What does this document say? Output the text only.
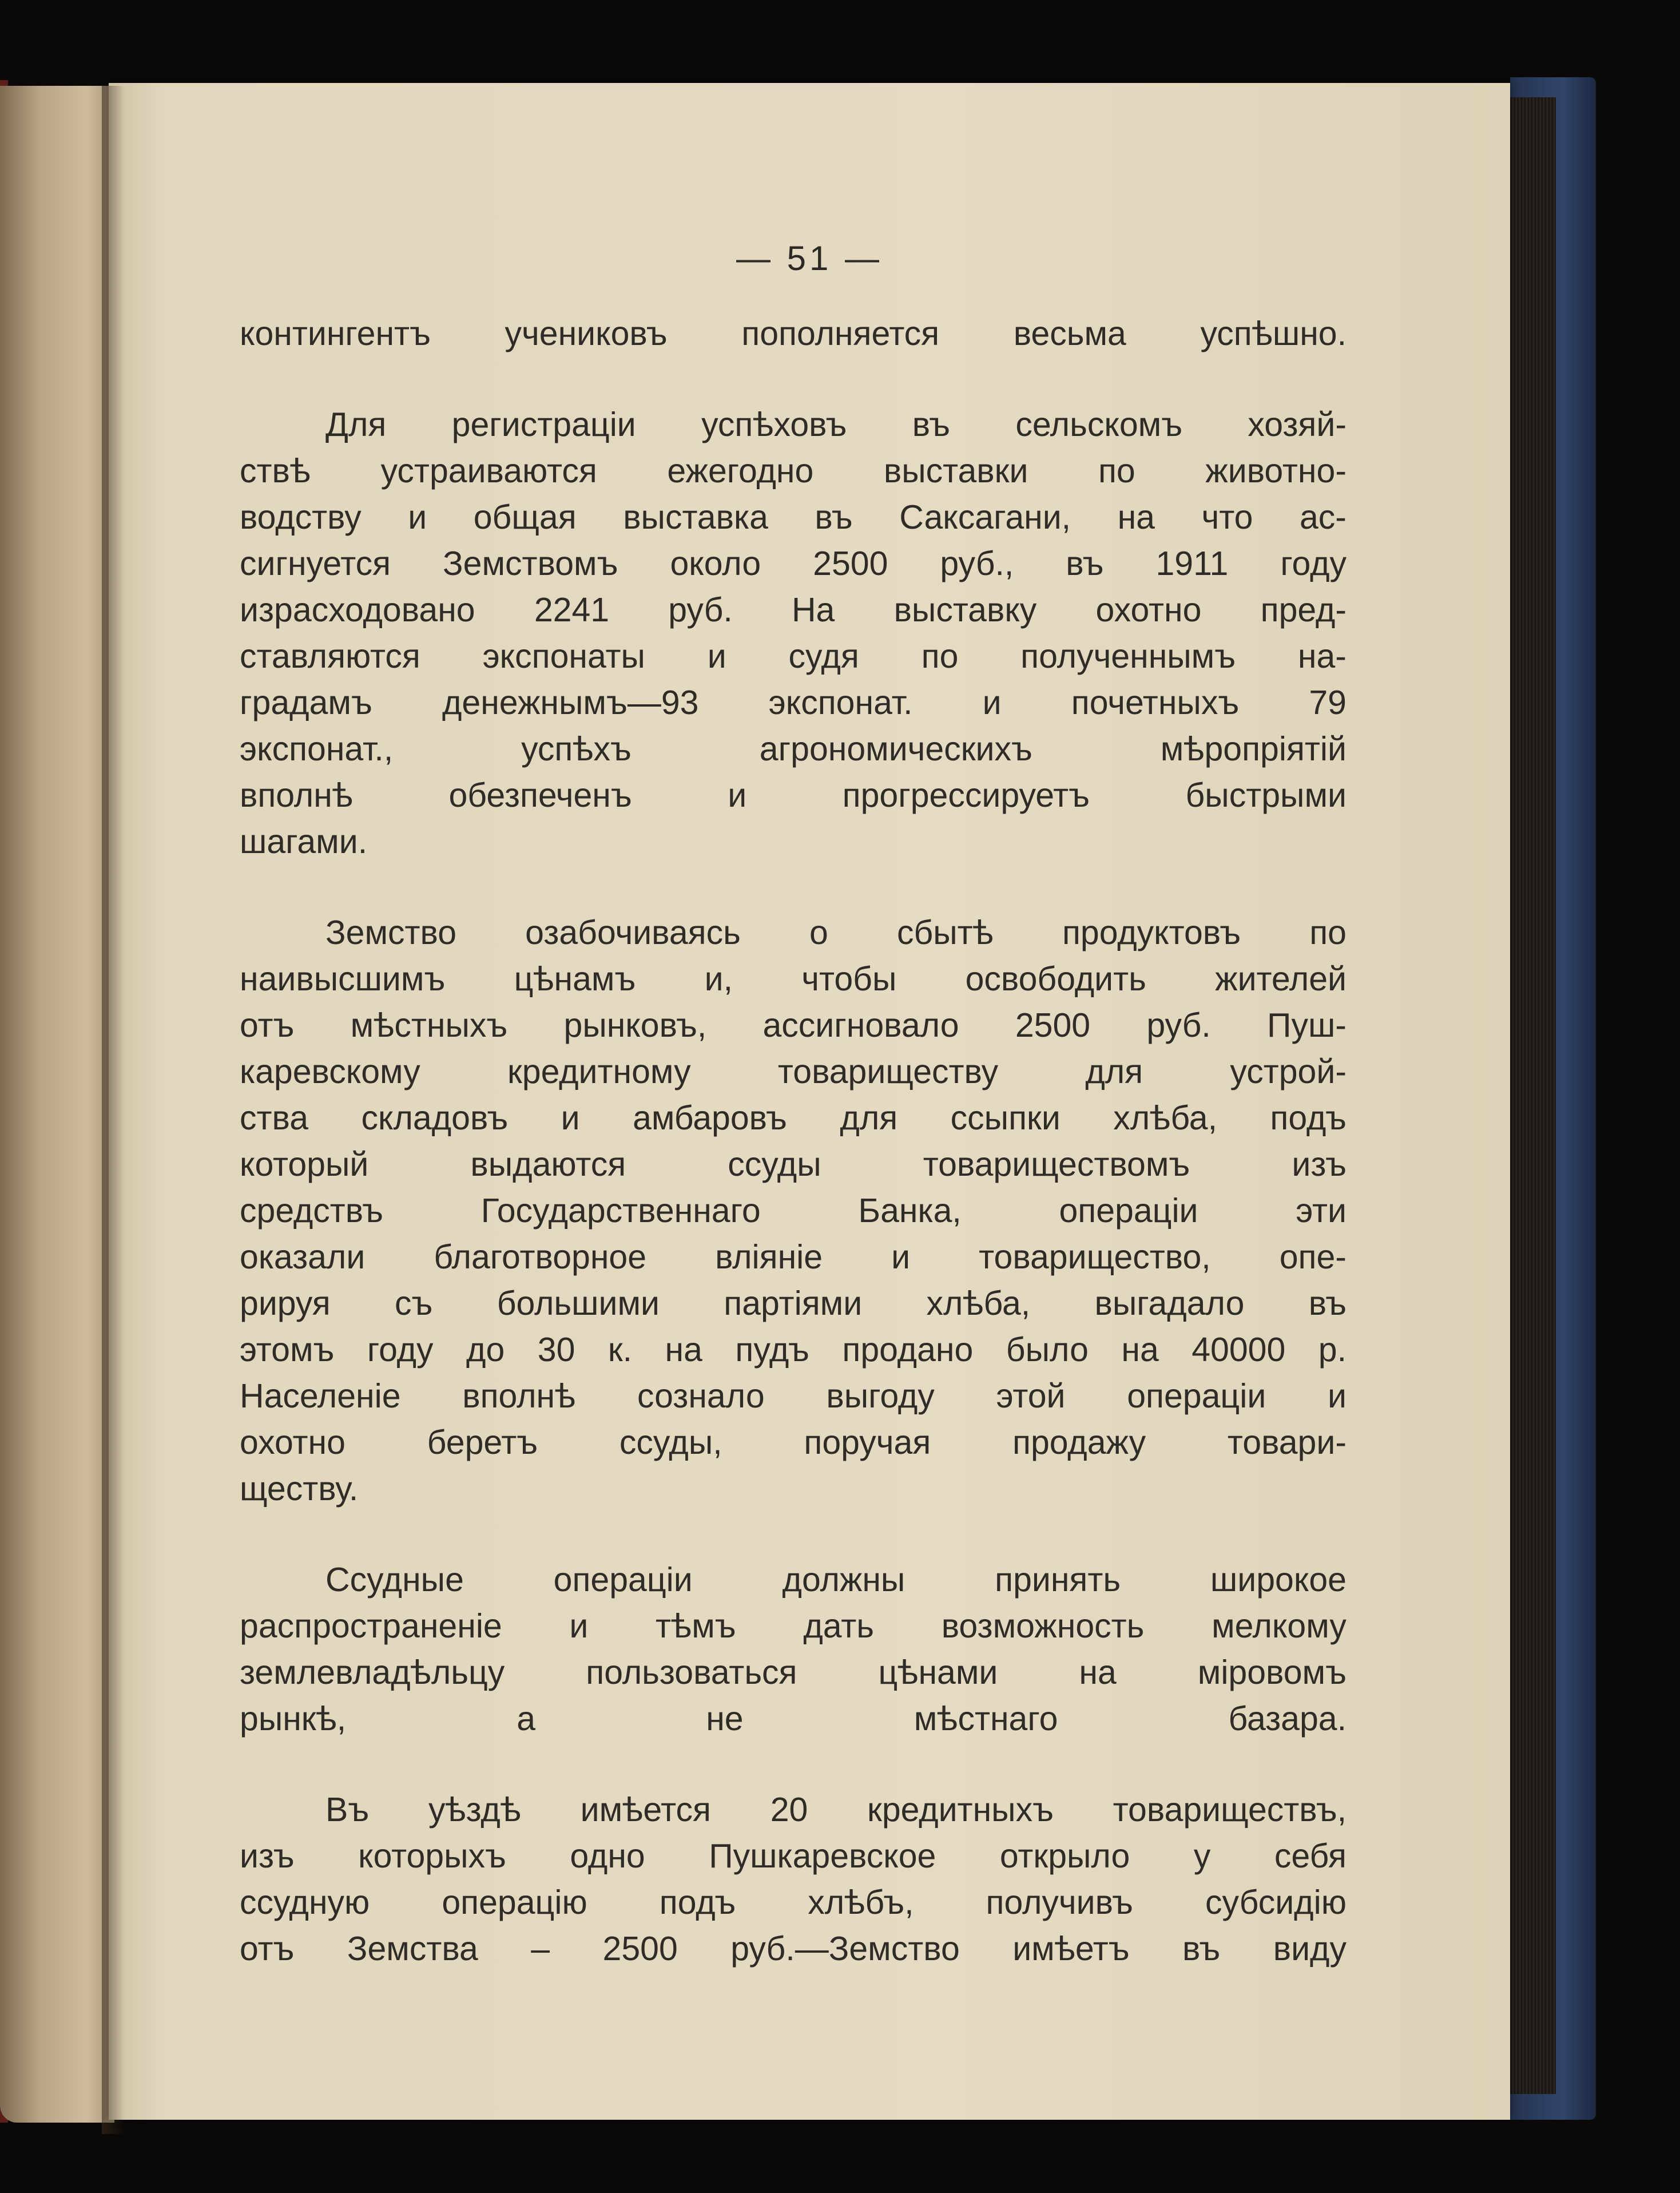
— 51 —
контингентъ учениковъ пополняется весьма успѣшно.
Для регистраціи успѣховъ въ сельскомъ хозяй-
ствѣ устраиваются ежегодно выставки по животно-
водству и общая выставка въ Саксагани, на что ас-
сигнуется Земствомъ около 2500 руб., въ 1911 году
израсходовано 2241 руб. На выставку охотно пред-
ставляются экспонаты и судя по полученнымъ на-
градамъ денежнымъ—93 экспонат. и почетныхъ 79
экспонат.,	успѣхъ	агрономическихъ	мѣропріятій
вполнѣ	обезпеченъ	и	прогрессируетъ	быстрыми
шагами.
Земство озабочиваясь о сбытѣ продуктовъ по
наивысшимъ цѣнамъ и, чтобы освободить жителей
отъ мѣстныхъ рынковъ, ассигновало 2500 руб. Пуш-
каревскому	кредитному	товариществу	для	устрой-
ства складовъ и амбаровъ для ссыпки хлѣба, подъ
который	выдаются	ссуды	товариществомъ	изъ
средствъ	Государственнаго	Банка,	операціи	эти
оказали благотворное вліяніе и товарищество, опе-
рируя съ большими партіями хлѣба, выгадало въ
этомъ году до 30 к. на пудъ продано было на 40000 р.
Населеніе вполнѣ сознало выгоду этой операціи и
охотно беретъ ссуды, поручая продажу товари-
ществу.
Ссудные	операціи	должны	принять	широкое
распространеніе и тѣмъ дать возможность мелкому
землевладѣльцу пользоваться цѣнами на міровомъ
рынкѣ,	а	не	мѣстнаго	базара.
Въ уѣздѣ имѣется 20 кредитныхъ товариществъ,
изъ которыхъ одно Пушкаревское открыло у себя
ссудную операцію подъ хлѣбъ, получивъ субсидію
отъ Земства – 2500 руб.—Земство имѣетъ въ виду
